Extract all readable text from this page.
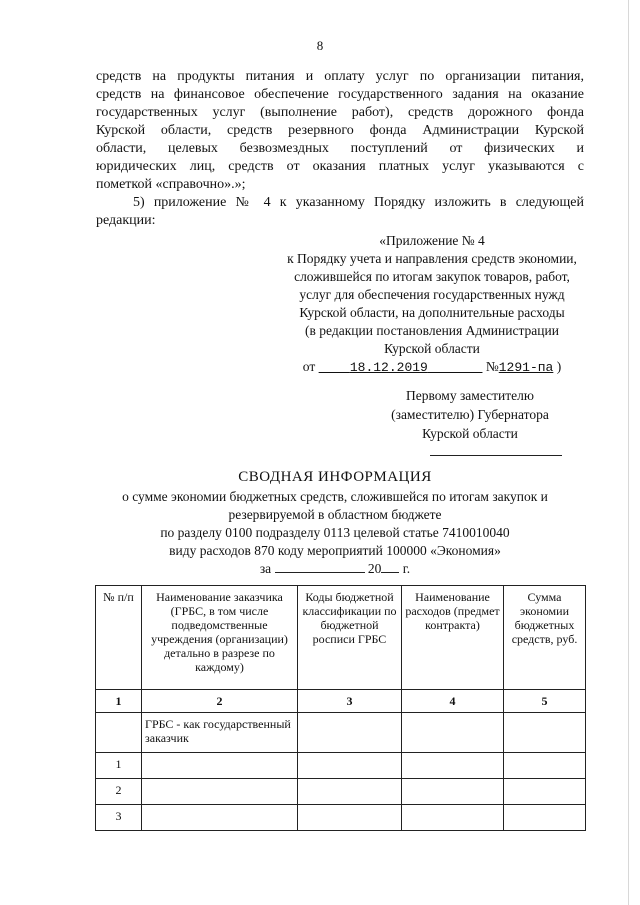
8
средств на продукты питания и оплату услуг по организации питания,
средств на финансовое обеспечение государственного задания на оказание
государственных услуг (выполнение работ), средств дорожного фонда
Курской области, средств резервного фонда Администрации Курской
области, целевых безвозмездных поступлений от физических и
юридических лиц, средств от оказания платных услуг указываются с
пометкой «справочно».»;
5) приложение № 4 к указанному Порядку изложить в следующей
редакции:
«Приложение № 4
к Порядку учета и направления средств экономии,
сложившейся по итогам закупок товаров, работ,
услуг для обеспечения государственных нужд
Курской области, на дополнительные расходы
(в редакции постановления Администрации
Курской области
от	18.12.2019	№1291-па )
Первому заместителю
(заместителю) Губернатора
Курской области
СВОДНАЯ ИНФОРМАЦИЯ
о сумме экономии бюджетных средств, сложившейся по итогам закупок и
резервируемой в областном бюджете
по разделу 0100 подразделу 0113 целевой статье 7410010040
виду расходов 870 коду мероприятий 100000 «Экономия»
за	20 г.
№ п/п	Наименование заказчика (ГРБС, в том числе подведомственные учреждения (организации) детально в разрезе по каждому)	Коды бюджетной классификации по бюджетной росписи ГРБС	Наименование расходов (предмет контракта)	Сумма экономии бюджетных средств, руб.
1	2	3	4	5
	ГРБС - как государственный заказчик			
1				
2				
3				
